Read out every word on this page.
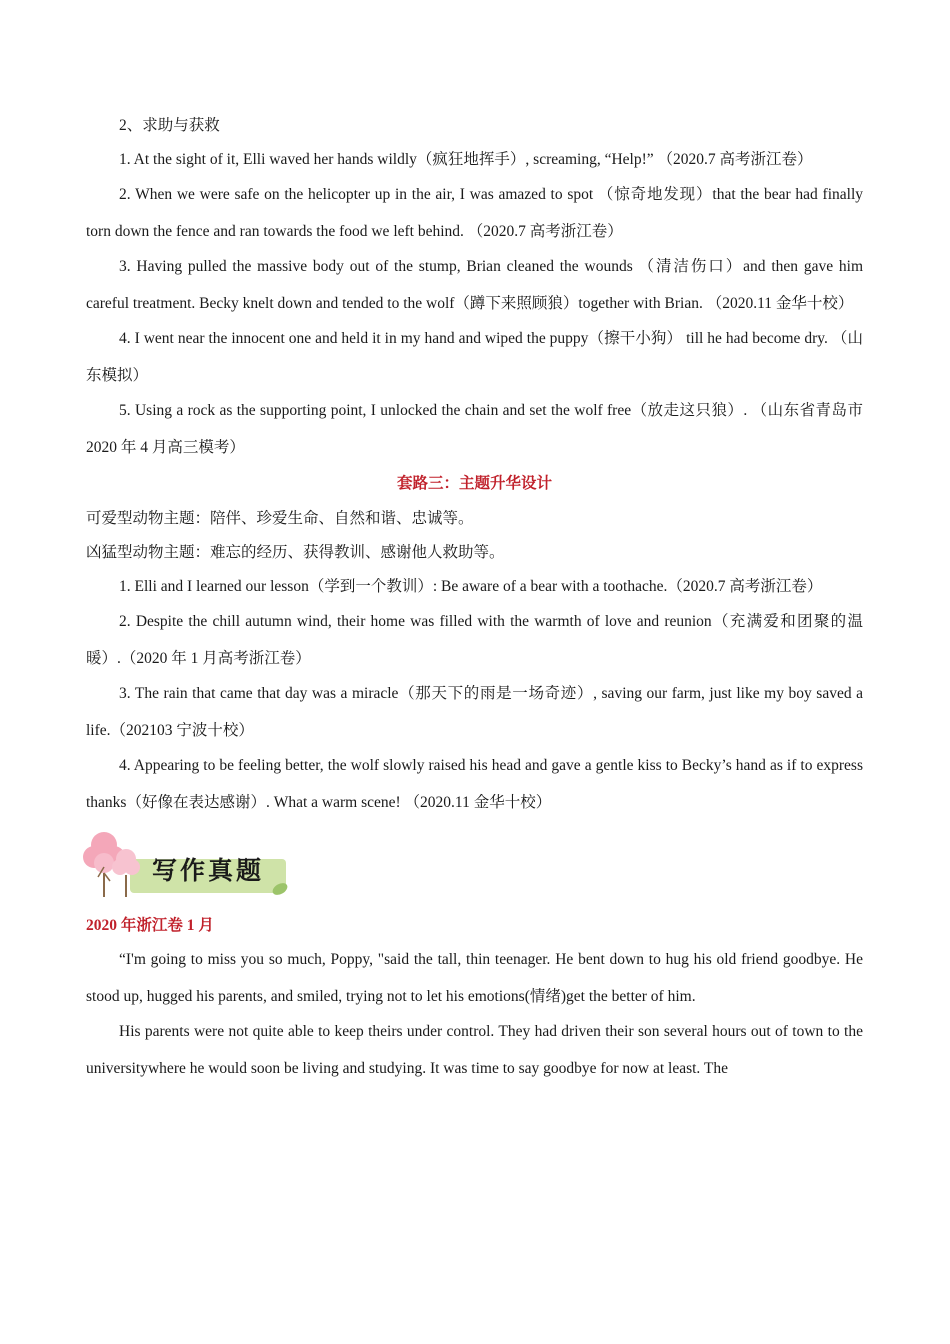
2、求助与获救

1. At the sight of it, Elli waved her hands wildly（疯狂地挥手）, screaming, “Help!” （2020.7 高考浙江卷）

2. When we were safe on the helicopter up in the air, I was amazed to spot （惊奇地发现）that the bear had finally torn down the fence and ran towards the food we left behind. （2020.7 高考浙江卷）

3. Having pulled the massive body out of the stump, Brian cleaned the wounds （清洁伤口）and then gave him careful treatment. Becky knelt down and tended to the wolf（蹲下来照顾狼）together with Brian. （2020.11 金华十校）

4. I went near the innocent one and held it in my hand and wiped the puppy（擦干小狗） till he had become dry. （山东模拟）

5. Using a rock as the supporting point, I unlocked the chain and set the wolf free（放走这只狼）. （山东省青岛市 2020 年 4 月高三模考）

套路三：主题升华设计

可爱型动物主题：陪伴、珍爱生命、自然和谐、忠诚等。

凶猛型动物主题：难忘的经历、获得教训、感谢他人救助等。

1. Elli and I learned our lesson（学到一个教训）: Be aware of a bear with a toothache.（2020.7 高考浙江卷）

2. Despite the chill autumn wind, their home was filled with the warmth of love and reunion（充满爱和团聚的温暖）.（2020 年 1 月高考浙江卷）

3. The rain that came that day was a miracle（那天下的雨是一场奇迹）, saving our farm, just like my boy saved a life.（202103 宁波十校）

4. Appearing to be feeling better, the wolf slowly raised his head and gave a gentle kiss to Becky’s hand as if to express thanks（好像在表达感谢）. What a warm scene! （2020.11 金华十校）

写作真题

2020 年浙江卷 1 月

“I'm going to miss you so much, Poppy, "said the tall, thin teenager. He bent down to hug his old friend goodbye. He stood up, hugged his parents, and smiled, trying not to let his emotions(情绪)get the better of him.

His parents were not quite able to keep theirs under control. They had driven their son several hours out of town to the universitywhere he would soon be living and studying. It was time to say goodbye for now at least. The
